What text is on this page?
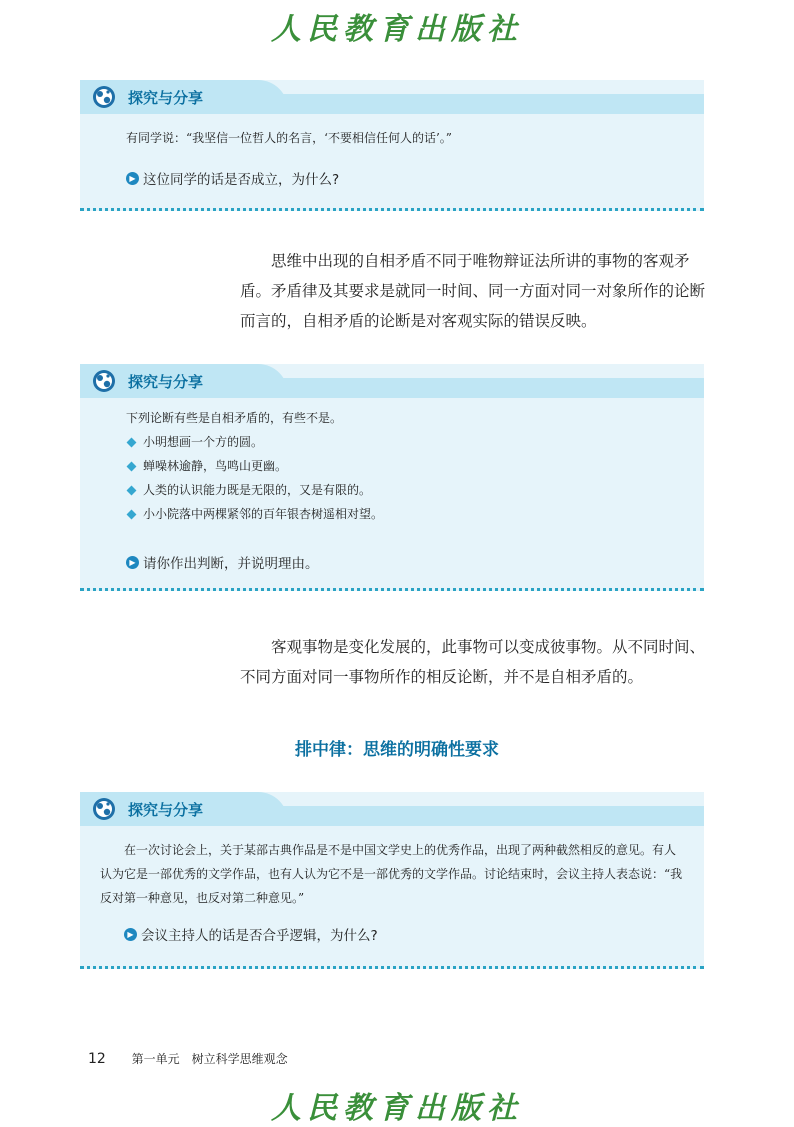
人民教育出版社
探究与分享
有同学说：“我坚信一位哲人的名言，‘不要相信任何人的话’。”
▶ 这位同学的话是否成立，为什么?

思维中出现的自相矛盾不同于唯物辩证法所讲的事物的客观矛盾。矛盾律及其要求是就同一时间、同一方面对同一对象所作的论断而言的，自相矛盾的论断是对客观实际的错误反映。

探究与分享
下列论断有些是自相矛盾的，有些不是。
小明想画一个方的圆。
蝉噪林逾静，鸟鸣山更幽。
人类的认识能力既是无限的，又是有限的。
小小院落中两棵紧邻的百年银杏树遥相对望。
▶ 请你作出判断，并说明理由。

客观事物是变化发展的，此事物可以变成彼事物。从不同时间、不同方面对同一事物所作的相反论断，并不是自相矛盾的。

排中律：思维的明确性要求
探究与分享
在一次讨论会上，关于某部古典作品是不是中国文学史上的优秀作品，出现了两种截然相反的意见。有人认为它是一部优秀的文学作品，也有人认为它不是一部优秀的文学作品。讨论结束时，会议主持人表态说：“我反对第一种意见，也反对第二种意见。”
▶ 会议主持人的话是否合乎逻辑，为什么?
12 第一单元　树立科学思维观念
人民教育出版社
